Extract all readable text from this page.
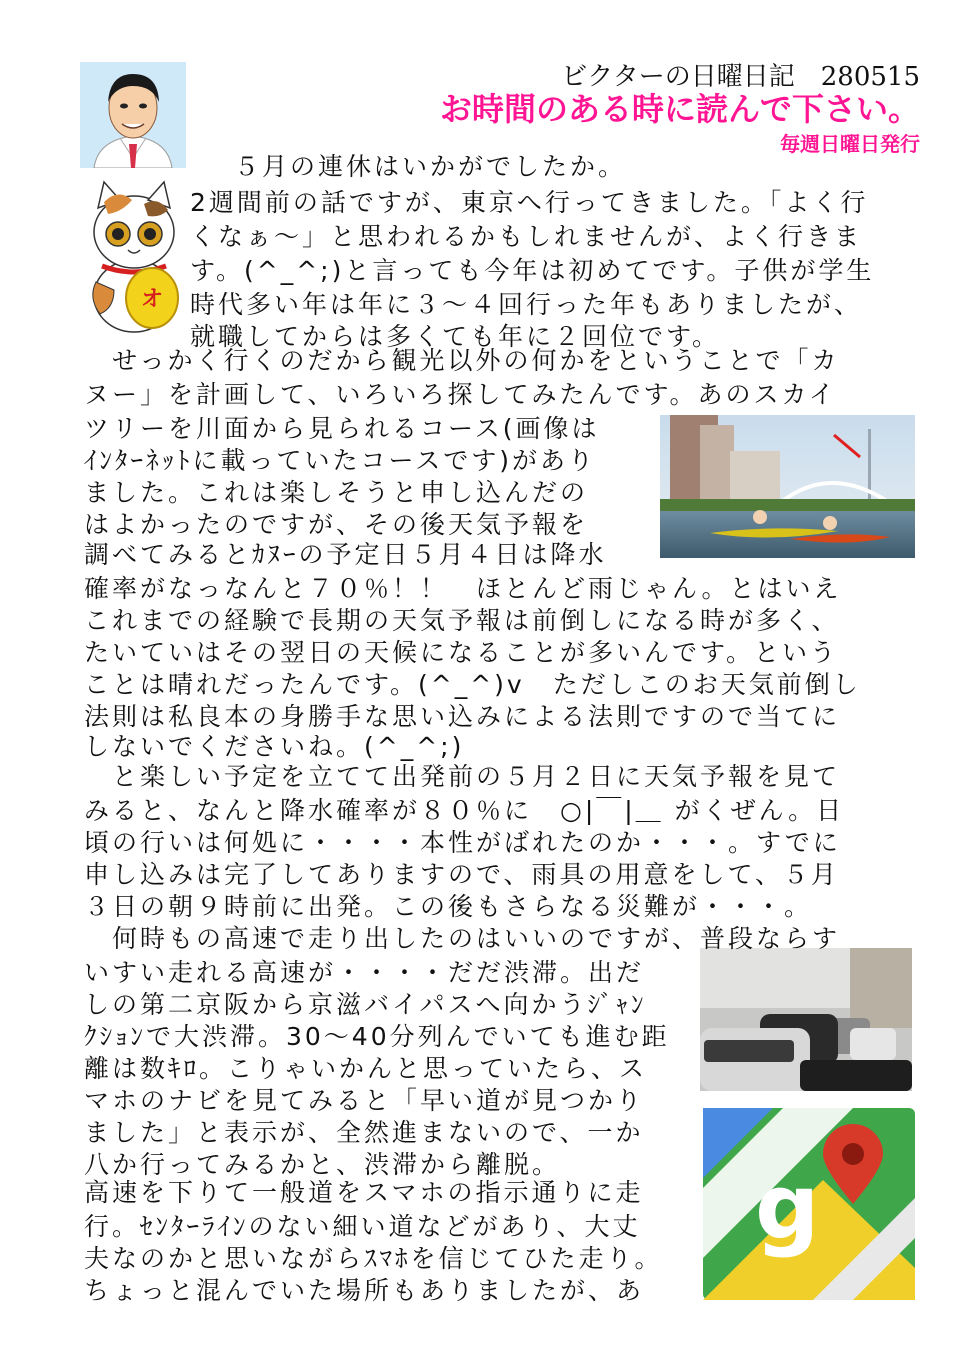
ビクターの日曜日記　280515
お時間のある時に読んで下さい。
毎週日曜日発行
オ
g
５月の連休はいかがでしたか。
2週間前の話ですが、東京へ行ってきました。「よく行
くなぁ〜」と思われるかもしれませんが、よく行きま
す。(^_^;)と言っても今年は初めてです。子供が学生
時代多い年は年に３〜４回行った年もありましたが、
就職してからは多くても年に２回位です。
　せっかく行くのだから観光以外の何かをということで「カ
ヌー」を計画して、いろいろ探してみたんです。あのスカイ
ツリーを川面から見られるコース(画像は
ｲﾝﾀｰﾈｯﾄに載っていたコースです)があり
ました。これは楽しそうと申し込んだの
はよかったのですが、その後天気予報を
調べてみるとｶﾇｰの予定日５月４日は降水
確率がなっなんと７０％！！　ほとんど雨じゃん。とはいえ
これまでの経験で長期の天気予報は前倒しになる時が多く、
たいていはその翌日の天候になることが多いんです。という
ことは晴れだったんです。(^_^)v　ただしこのお天気前倒し
法則は私良本の身勝手な思い込みによる法則ですので当てに
しないでくださいね。(^_^;)
　と楽しい予定を立てて出発前の５月２日に天気予報を見て
みると、なんと降水確率が８０％に　○|￣|＿ がくぜん。日
頃の行いは何処に・・・・本性がばれたのか・・・。すでに
申し込みは完了してありますので、雨具の用意をして、５月
３日の朝９時前に出発。この後もさらなる災難が・・・。
　何時もの高速で走り出したのはいいのですが、普段ならす
いすい走れる高速が・・・・だだ渋滞。出だ
しの第二京阪から京滋バイパスへ向かうｼﾞｬﾝ
ｸｼｮﾝで大渋滞。30〜40分列んでいても進む距
離は数ｷﾛ。こりゃいかんと思っていたら、ス
マホのナビを見てみると「早い道が見つかり
ました」と表示が、全然進まないので、一か
八か行ってみるかと、渋滞から離脱。
高速を下りて一般道をスマホの指示通りに走
行。ｾﾝﾀｰﾗｲﾝのない細い道などがあり、大丈
夫なのかと思いながらｽﾏﾎを信じてひた走り。
ちょっと混んでいた場所もありましたが、あ
